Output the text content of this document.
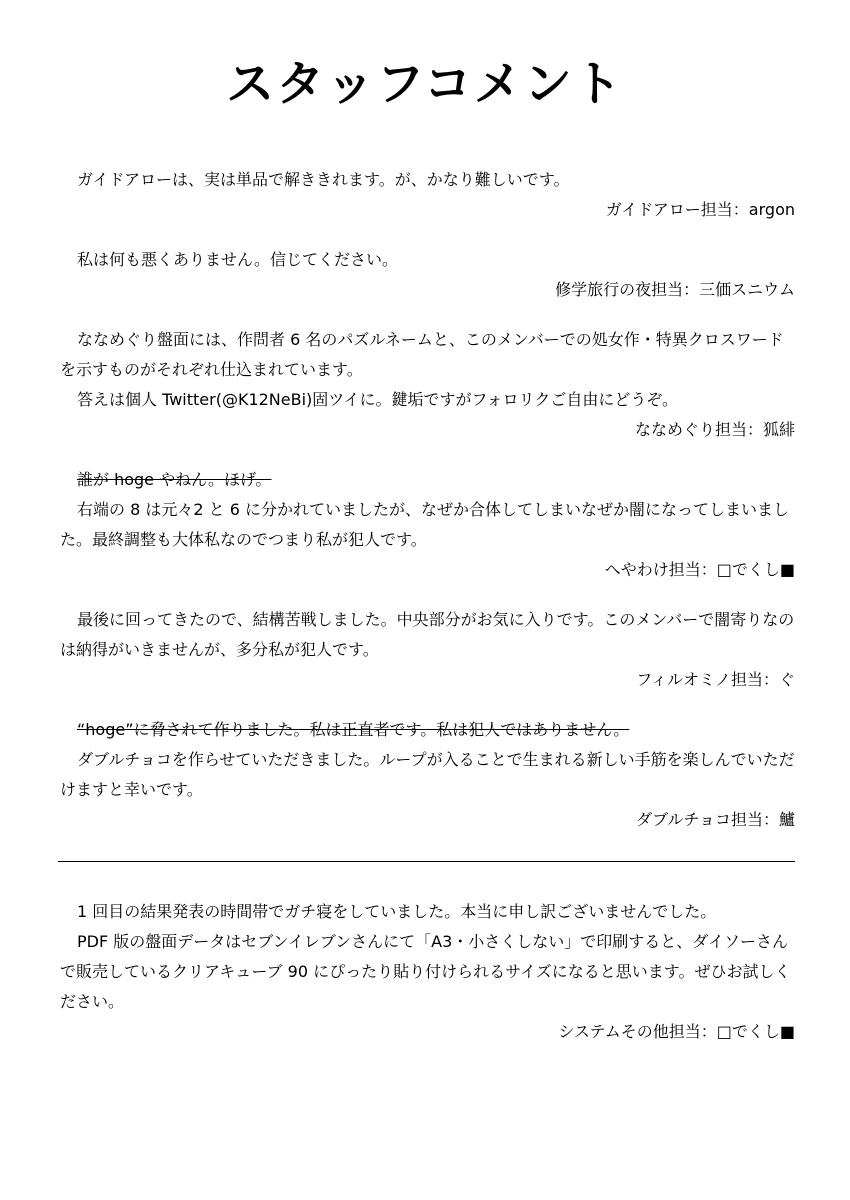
スタッフコメント

ガイドアローは、実は単品で解ききれます。が、かなり難しいです。

ガイドアロー担当：argon

私は何も悪くありません。信じてください。

修学旅行の夜担当：三価スニウム

ななめぐり盤面には、作問者 6 名のパズルネームと、このメンバーでの処女作・特異クロスワードを示すものがそれぞれ仕込まれています。

答えは個人 Twitter(@K12NeBi)固ツイに。鍵垢ですがフォロリクご自由にどうぞ。

ななめぐり担当：狐緋

誰が hoge やねん。ほげ。

右端の 8 は元々2 と 6 に分かれていましたが、なぜか合体してしまいなぜか闇になってしまいました。最終調整も大体私なのでつまり私が犯人です。

へやわけ担当：□でくし■

最後に回ってきたので、結構苦戦しました。中央部分がお気に入りです。このメンバーで闇寄りなのは納得がいきませんが、多分私が犯人です。

フィルオミノ担当：ぐ

“hoge”に脅されて作りました。私は正直者です。私は犯人ではありません。

ダブルチョコを作らせていただきました。ループが入ることで生まれる新しい手筋を楽しんでいただけますと幸いです。

ダブルチョコ担当：鱸

1 回目の結果発表の時間帯でガチ寝をしていました。本当に申し訳ございませんでした。

PDF 版の盤面データはセブンイレブンさんにて「A3・小さくしない」で印刷すると、ダイソーさんで販売しているクリアキューブ 90 にぴったり貼り付けられるサイズになると思います。ぜひお試しください。

システムその他担当：□でくし■
